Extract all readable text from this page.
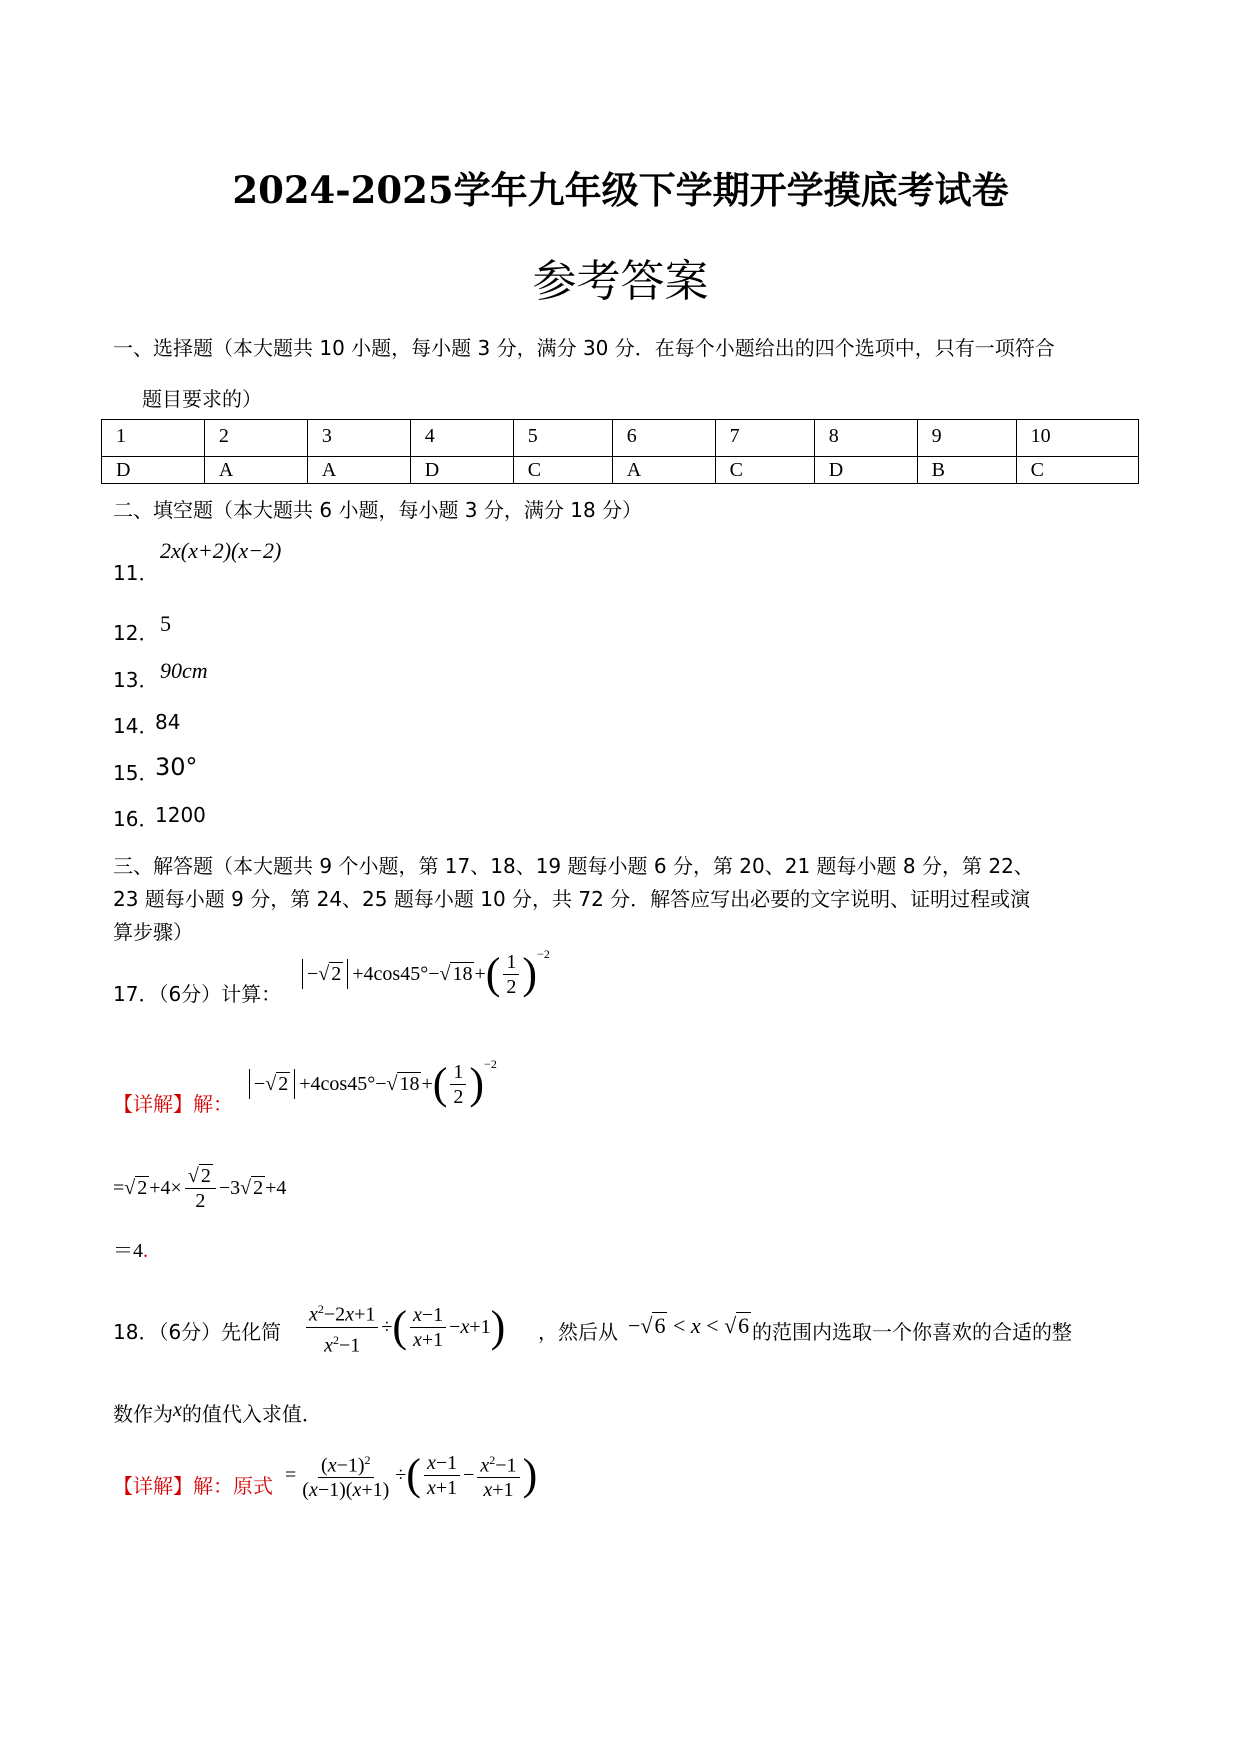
2024-2025学年九年级下学期开学摸底考试卷
参考答案
一、选择题（本大题共 10 小题，每小题 3 分，满分 30 分．在每个小题给出的四个选项中，只有一项符合
题目要求的）
1	2	3	4	5	6	7	8	9	10
D	A	A	D	C	A	C	D	B	C
二、填空题（本大题共 6 小题，每小题 3 分，满分 18 分）
11．
2x(x+2)(x−2)
12． 5
13． 90cm
14．
84
15．
30°
16．
1200
三、解答题（本大题共 9 个小题，第 17、18、19 题每小题 6 分，第 20、21 题每小题 8 分，第 22、
23 题每小题 9 分，第 24、25 题每小题 10 分，共 72 分．解答应写出必要的文字说明、证明过程或演
算步骤）
17．（6分）计算：
−√ 2 +4cos45°−√ 18 + ( $\frac{1}{2} )^{-2}$
【详解】解：
−√ 2 +4cos45°−√ 18 + ( $\frac{1}{2} )^{-2}$
=√ $2 +4\times \frac{√ 2}{2} -3√$ 2 +4
＝4.
18．（6分）先化简 $\frac{x^2-2x+1}{x^2-1}$ ÷ ( $\frac{x-1}{x+1} - x +1$ ) ，然后从 −√6 < x < √6 的范围内选取一个你喜欢的合适的整
数作为x的值代入求值．
【详解】解：原式 = $\frac{(x-1)^2}{(x-1)(x+1)}$ ÷ ( $\frac{x-1}{x+1} - \frac{x^2-1}{x+1}$ )
